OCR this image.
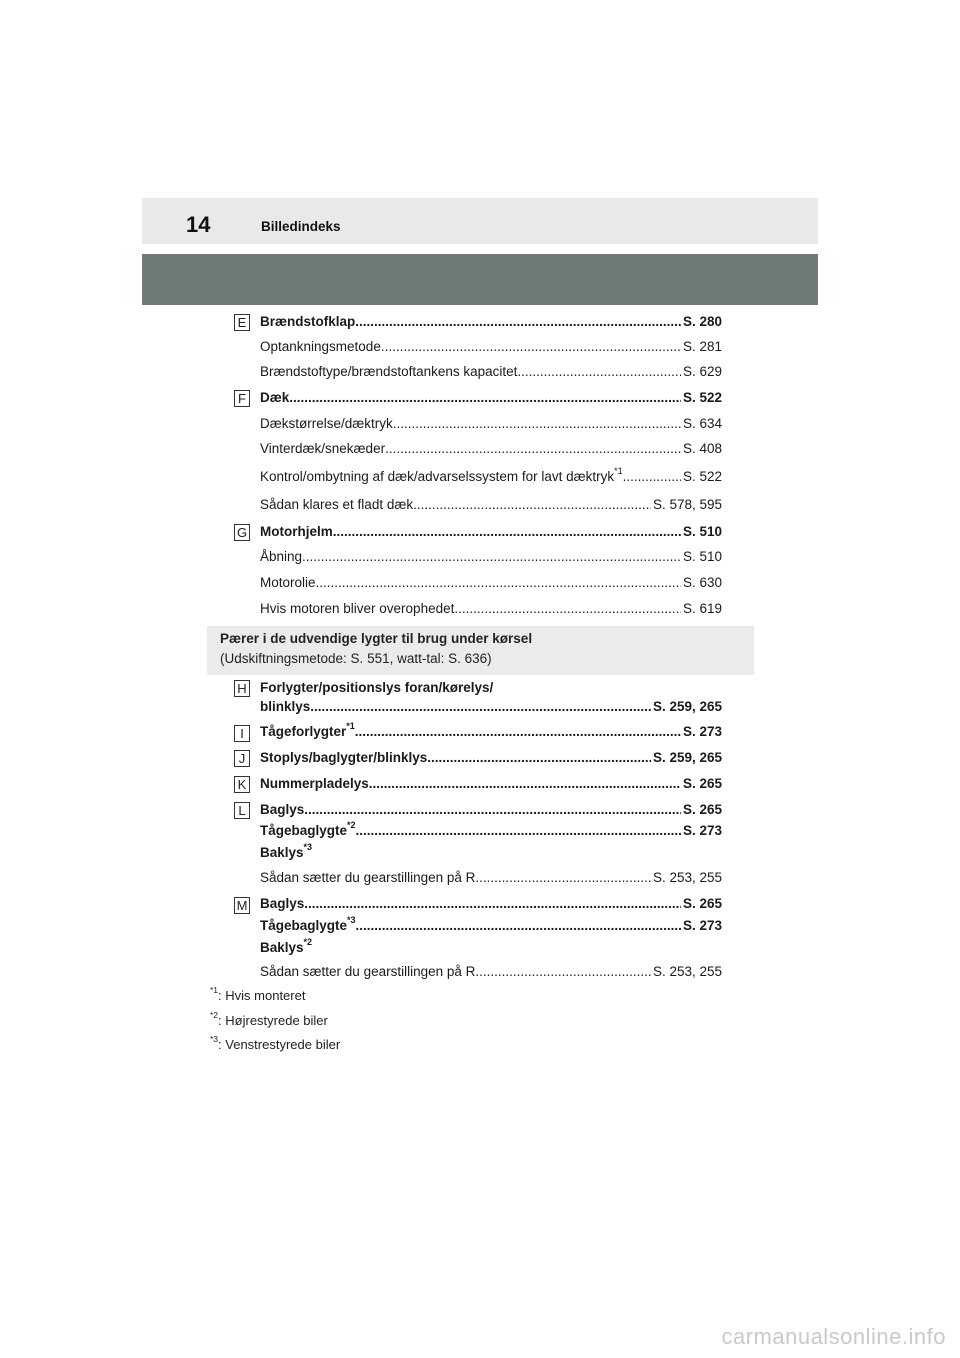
14	Billedindeks
E Brændstofklap .....	S. 280
Optankningsmetode .....	S. 281
Brændstoftype/brændstoftankens kapacitet .....	S. 629
F Dæk .....	S. 522
Dækstørrelse/dæktryk .....	S. 634
Vinterdæk/snekæder .....	S. 408
Kontrol/ombytning af dæk/advarselssystem for lavt dæktryk$^{*1}$ .....	S. 522
Sådan klares et fladt dæk .....	S. 578, 595
G Motorhjelm .....	S. 510
Åbning .....	S. 510
Motorolie .....	S. 630
Hvis motoren bliver overophedet .....	S. 619
Pærer i de udvendige lygter til brug under kørsel
(Udskiftningsmetode: S. 551, watt-tal: S. 636)
H Forlygter/positionslys foran/kørelys/
blinklys .....	S. 259, 265
I	Tågeforlygter$^{*1}$ .....	S. 273
J	Stoplys/baglygter/blinklys .....	S. 259, 265
K Nummerpladelys .....	S. 265
L	Baglys .....	S. 265
Tågebaglygte$^{*2}$ .....	S. 273
Baklys$^{*3}$
Sådan sætter du gearstillingen på R .....	S. 253, 255
M Baglys .....	S. 265
Tågebaglygte$^{*3}$ .....	S. 273
Baklys$^{*2}$
Sådan sætter du gearstillingen på R .....	S. 253, 255
$^{*1}$: Hvis monteret
$^{*2}$: Højrestyrede biler
$^{*3}$: Venstrestyrede biler
carmanualsonline.info
